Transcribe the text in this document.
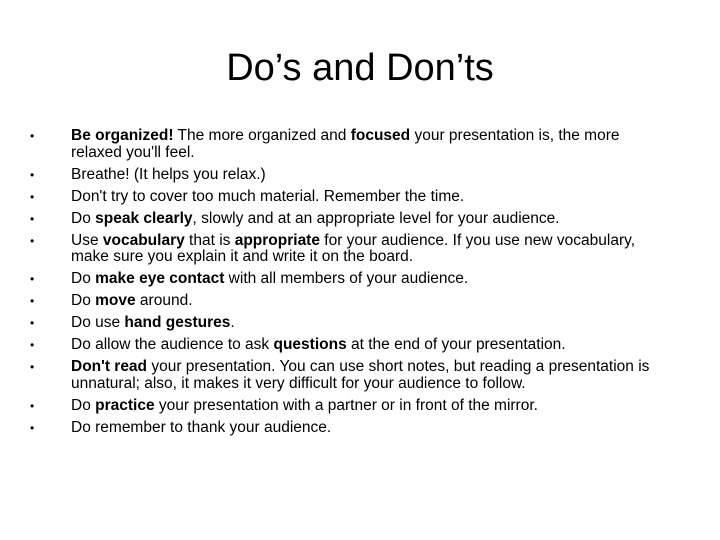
Do’s and Don’ts
• Be organized! The more organized and focused your presentation is, the more relaxed you'll feel.
• Breathe! (It helps you relax.)
• Don't try to cover too much material. Remember the time.
• Do speak clearly, slowly and at an appropriate level for your audience.
• Use vocabulary that is appropriate for your audience. If you use new vocabulary, make sure you explain it and write it on the board.
• Do make eye contact with all members of your audience.
• Do move around.
• Do use hand gestures.
• Do allow the audience to ask questions at the end of your presentation.
• Don't read your presentation. You can use short notes, but reading a presentation is unnatural; also, it makes it very difficult for your audience to follow.
• Do practice your presentation with a partner or in front of the mirror.
• Do remember to thank your audience.
